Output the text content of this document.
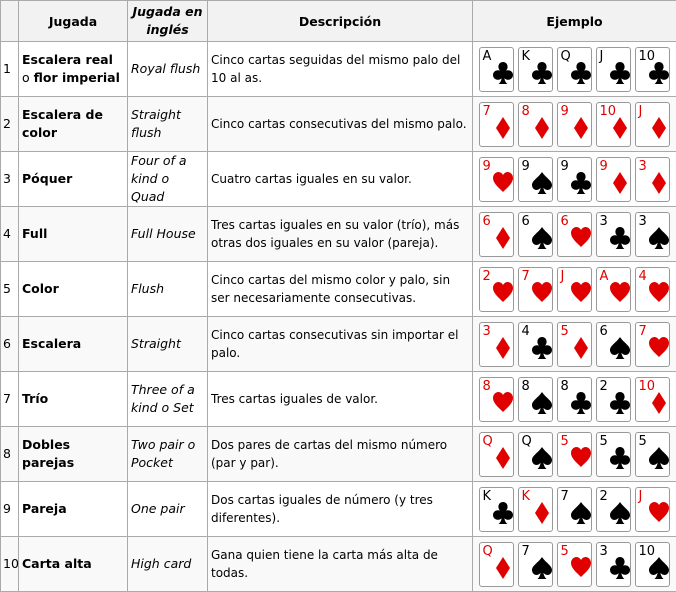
	Jugada	Jugada en inglés	Descripción	Ejemplo
1	Escalera real o flor imperial	Royal flush	Cinco cartas seguidas del mismo palo del 10 al as.	A K Q J 10

2	Escalera de color	Straight flush	Cinco cartas consecutivas del mismo palo.	7 8 9 10 J

3	Póquer	Four of a kind o Quad	Cuatro cartas iguales en su valor.	9 9 9 9 3

4	Full	Full House	Tres cartas iguales en su valor (trío), más otras dos iguales en su valor (pareja).	6 6 6 3 3

5	Color	Flush	Cinco cartas del mismo color y palo, sin ser necesariamente consecutivas.	2 7 J A 4

6	Escalera	Straight	Cinco cartas consecutivas sin importar el palo.	3 4 5 6 7

7	Trío	Three of a kind o Set	Tres cartas iguales de valor.	8 8 8 2 10

8	Dobles parejas	Two pair o Pocket	Dos pares de cartas del mismo número (par y par).	Q Q 5 5 5

9	Pareja	One pair	Dos cartas iguales de número (y tres diferentes).	K K 7 2 J

10	Carta alta	High card	Gana quien tiene la carta más alta de todas.	Q 7 5 3 10
